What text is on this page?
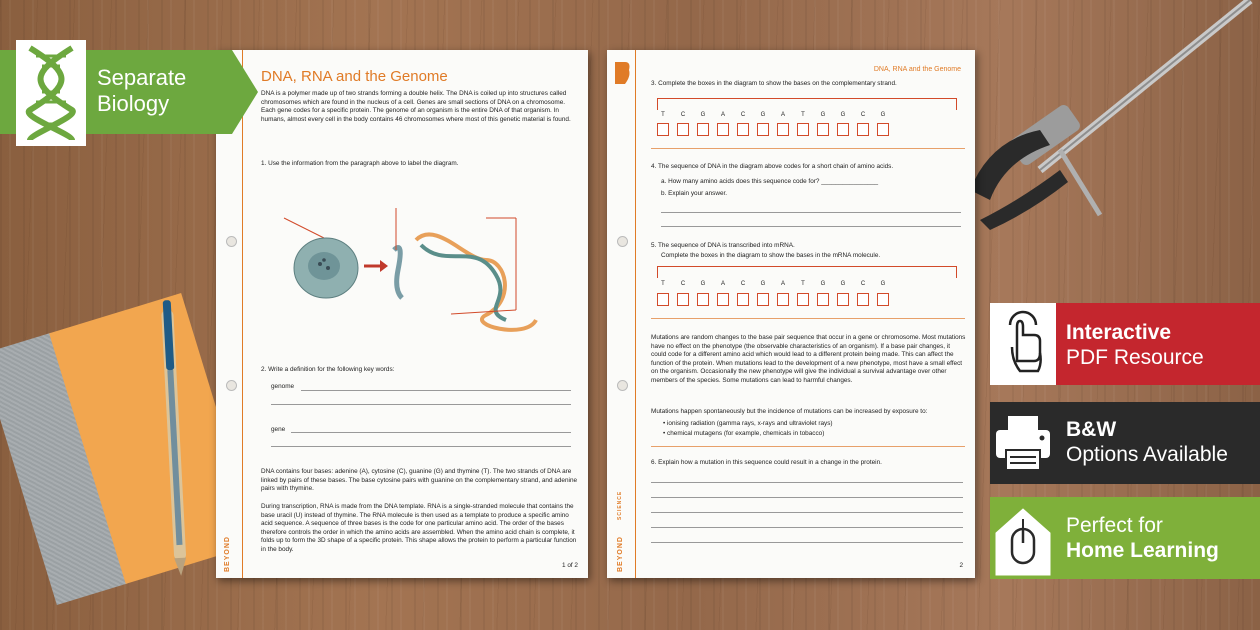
BEYOND
DNA, RNA and the Genome
DNA is a polymer made up of two strands forming a double helix. The DNA is coiled up into structures called chromosomes which are found in the nucleus of a cell. Genes are small sections of DNA on a chromosome. Each gene codes for a specific protein. The genome of an organism is the entire DNA of that organism. In humans, almost every cell in the body contains 46 chromosomes where most of this genetic material is found.
1. Use the information from the paragraph above to label the diagram.
2. Write a definition for the following key words:
genome
gene
DNA contains four bases: adenine (A), cytosine (C), guanine (G) and thymine (T). The two strands of DNA are linked by pairs of these bases. The base cytosine pairs with guanine on the complementary strand, and adenine pairs with thymine.
During transcription, RNA is made from the DNA template. RNA is a single-stranded molecule that contains the base uracil (U) instead of thymine. The RNA molecule is then used as a template to produce a specific amino acid sequence. A sequence of three bases is the code for one particular amino acid. The order of the bases therefore controls the order in which the amino acids are assembled. When the amino acid chain is complete, it folds up to form the 3D shape of a specific protein. This shape allows the protein to perform a particular function in the body.
1 of 2	BEYOND
SCIENCE
DNA, RNA and the Genome
3. Complete the boxes in the diagram to show the bases on the complementary strand.
T	C	G	A	C	G	A	T	G	G	C	G
4. The sequence of DNA in the diagram above codes for a short chain of amino acids.
a. How many amino acids does this sequence code for? ________________
b. Explain your answer.
5. The sequence of DNA is transcribed into mRNA.
Complete the boxes in the diagram to show the bases in the mRNA molecule.
T	C	G	A	C	G	A	T	G	G	C	G
Mutations are random changes to the base pair sequence that occur in a gene or chromosome. Most mutations have no effect on the phenotype (the observable characteristics of an organism). If a base pair changes, it could code for a different amino acid which would lead to a different protein being made. This can affect the function of the protein. When mutations lead to the development of a new phenotype, most have a small effect on the organism. Occasionally the new phenotype will give the individual a survival advantage over other members of the species. Some mutations can lead to harmful changes.
Mutations happen spontaneously but the incidence of mutations can be increased by exposure to:
• ionising radiation (gamma rays, x-rays and ultraviolet rays)
• chemical mutagens (for example, chemicals in tobacco)
6. Explain how a mutation in this sequence could result in a change in the protein.
2
Separate
Biology
Interactive
PDF Resource
B&W
Options Available
Perfect for
Home Learning
